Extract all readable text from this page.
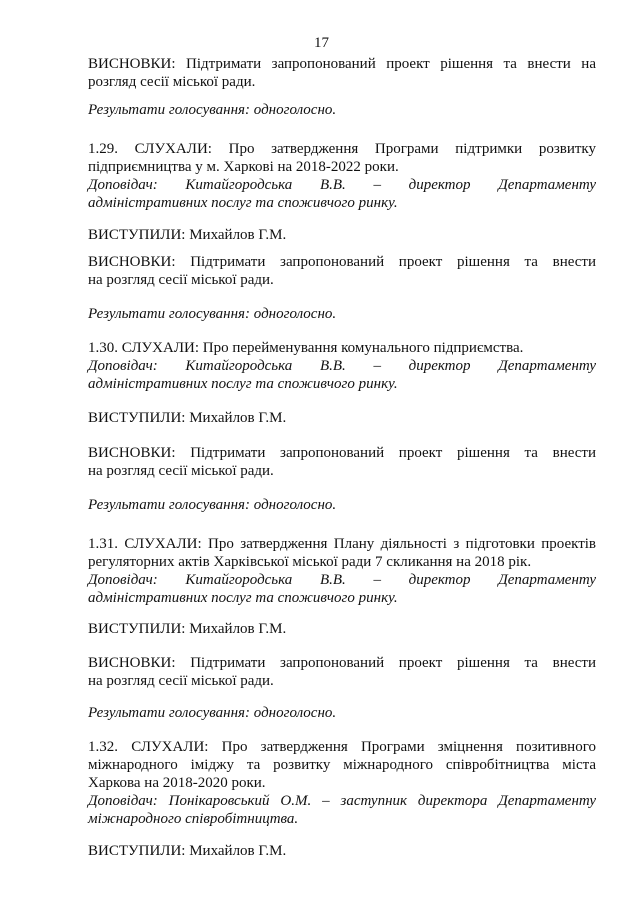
17
ВИСНОВКИ: Підтримати запропонований проект рішення та внести на
розгляд сесії міської ради.
Результати голосування: одноголосно.
1.29. СЛУХАЛИ: Про затвердження Програми підтримки розвитку
підприємництва у м. Харкові на 2018-2022 роки.
Доповідач: Китайгородська В.В. – директор Департаменту
адміністративних послуг та споживчого ринку.
ВИСТУПИЛИ: Михайлов Г.М.
ВИСНОВКИ: Підтримати запропонований проект рішення та внести
на розгляд сесії міської ради.
Результати голосування: одноголосно.
1.30. СЛУХАЛИ: Про перейменування комунального підприємства.
Доповідач: Китайгородська В.В. – директор Департаменту
адміністративних послуг та споживчого ринку.
ВИСТУПИЛИ: Михайлов Г.М.
ВИСНОВКИ: Підтримати запропонований проект рішення та внести
на розгляд сесії міської ради.
Результати голосування: одноголосно.
1.31. СЛУХАЛИ: Про затвердження Плану діяльності з підготовки проектів
регуляторних актів Харківської міської ради 7 скликання на 2018 рік.
Доповідач: Китайгородська В.В. – директор Департаменту
адміністративних послуг та споживчого ринку.
ВИСТУПИЛИ: Михайлов Г.М.
ВИСНОВКИ: Підтримати запропонований проект рішення та внести
на розгляд сесії міської ради.
Результати голосування: одноголосно.
1.32. СЛУХАЛИ: Про затвердження Програми зміцнення позитивного
міжнародного іміджу та розвитку міжнародного співробітництва міста
Харкова на 2018-2020 роки.
Доповідач: Понікаровський О.М. – заступник директора Департаменту
міжнародного співробітництва.
ВИСТУПИЛИ: Михайлов Г.М.
